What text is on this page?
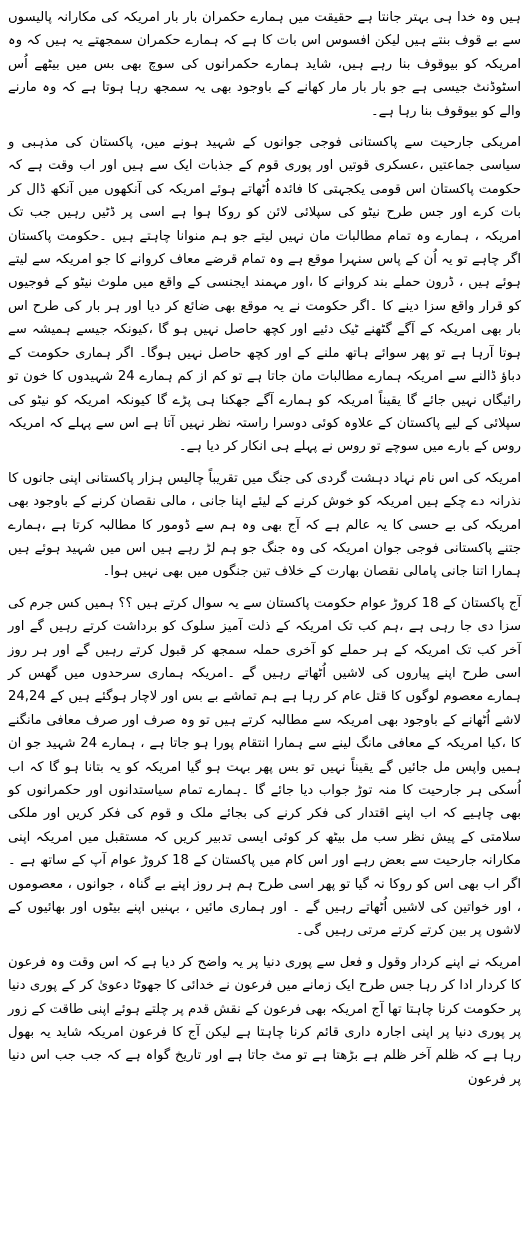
ہیں وہ خدا ہی بہتر جانتا ہے حقیقت میں ہمارے حکمران بار بار امریکہ کی مکارانہ پالیسوں سے بے قوف بنتے ہیں لیکن افسوس اس بات کا ہے کہ ہمارے حکمران سمجھتے یہ ہیں کہ وہ امریکہ کو بیوقوف بنا رہے ہیں، شاید ہمارے حکمرانوں کی سوچ بھی بس میں بیٹھے اُس اسٹوڈنٹ جیسی ہے جو بار بار مار کھانے کے باوجود بھی یہ سمجھ رہا ہوتا ہے کہ وہ مارنے والے کو بیوقوف بنا رہا ہے۔

امریکی جارحیت سے پاکستانی فوجی جوانوں کے شہید ہونے میں، پاکستان کی مذہبی و سیاسی جماعتیں ،عسکری قوتیں اور پوری قوم کے جذبات ایک سے ہیں اور اب وقت ہے کہ حکومت پاکستان اس قومی یکجہتی کا فائدہ اُٹھاتے ہوئے امریکہ کی آنکھوں میں آنکھ ڈال کر بات کرے اور جس طرح نیٹو کی سپلائی لائن کو روکا ہوا ہے اسی پر ڈٹیں رہیں جب تک امریکہ ، ہمارے وہ تمام مطالبات مان نہیں لیتے جو ہم منوانا چاہتے ہیں ۔حکومت پاکستان اگر چاہے تو یہ اُن کے پاس سنہرا موقع ہے وہ تمام قرضے معاف کروانے کا جو امریکہ سے لیتے ہوئے ہیں ، ڈرون حملے بند کروانے کا ،اور مہمند ایجنسی کے واقع میں ملوث نیٹو کے فوجیوں کو قرار واقع سزا دینے کا ۔اگر حکومت نے یہ موقع بھی ضائع کر دیا اور ہر بار کی طرح اس بار بھی امریکہ کے آگے گٹھنے ٹیک دئیے اور کچھ حاصل نہیں ہو گا ،کیونکہ جیسے ہمیشہ سے ہوتا آرہا ہے تو پھر سوائے ہاتھ ملنے کے اور کچھ حاصل نہیں ہوگا۔ اگر ہماری حکومت کے دباؤ ڈالنے سے امریکہ ہمارے مطالبات مان جاتا ہے تو کم از کم ہمارے 24 شہیدوں کا خون تو رائیگاں نہیں جائے گا یقیناً امریکہ کو ہمارے آگے جھکنا ہی پڑے گا کیونکہ امریکہ کو نیٹو کی سپلائی کے لیے پاکستان کے علاوہ کوئی دوسرا راستہ نظر نہیں آتا ہے اس سے پہلے کہ امریکہ روس کے بارے میں سوچے تو روس نے پہلے ہی انکار کر دیا ہے۔

امریکہ کی اس نام نہاد دہشت گردی کی جنگ میں تقریباً چالیس ہزار پاکستانی اپنی جانوں کا نذرانہ دے چکے ہیں امریکہ کو خوش کرنے کے لیئے اپنا جانی ، مالی نقصان کرنے کے باوجود بھی امریکہ کی بے حسی کا یہ عالم ہے کہ آج بھی وہ ہم سے ڈومور کا مطالبہ کرتا ہے ،ہمارے جتنے پاکستانی فوجی جوان امریکہ کی وہ جنگ جو ہم لڑ رہے ہیں اس میں شہید ہوئے ہیں ہمارا اتنا جانی پامالی نقصان بھارت کے خلاف تین جنگوں میں بھی نہیں ہوا۔

آج پاکستان کے 18 کروڑ عوام حکومت پاکستان سے یہ سوال کرتے ہیں ؟؟ ہمیں کس جرم کی سزا دی جا رہی ہے ،ہم کب تک امریکہ کے ذلت آمیز سلوک کو برداشت کرتے رہیں گے اور آخر کب تک امریکہ کے ہر حملے کو آخری حملہ سمجھ کر قبول کرتے رہیں گے اور ہر روز اسی طرح اپنے پیاروں کی لاشیں اُٹھاتے رہیں گے ۔امریکہ ہماری سرحدوں میں گھس کر ہمارے معصوم لوگوں کا قتل عام کر رہا ہے ہم تماشے بے بس اور لاچار ہوگئے ہیں کے 24,24 لاشے اُٹھانے کے باوجود بھی امریکہ سے مطالبہ کرتے ہیں تو وہ صرف اور صرف معافی مانگنے کا ،کیا امریکہ کے معافی مانگ لینے سے ہمارا انتقام پورا ہو جاتا ہے ، ہمارے 24 شہید جو ان ہمیں واپس مل جائیں گے یقیناً نہیں تو بس پھر بہت ہو گیا امریکہ کو یہ بتانا ہو گا کہ اب اُسکی ہر جارحیت کا منہ توڑ جواب دیا جائے گا ۔ہمارے تمام سیاستدانوں اور حکمرانوں کو بھی چاہیے کہ اب اپنے اقتدار کی فکر کرنے کی بجائے ملک و قوم کی فکر کریں اور ملکی سلامتی کے پیش نظر سب مل بیٹھ کر کوئی ایسی تدبیر کریں کہ مستقبل میں امریکہ اپنی مکارانہ جارحیت سے بعض رہے اور اس کام میں پاکستان کے 18 کروڑ عوام آپ کے ساتھ ہے ۔اگر اب بھی اس کو روکا نہ گیا تو پھر اسی طرح ہم ہر روز اپنے بے گناہ ، جوانوں ، معصوموں ، اور خواتین کی لاشیں اُٹھاتے رہیں گے ۔ اور ہماری مائیں ، بہنیں اپنے بیٹوں اور بھائیوں کے لاشوں پر بین کرتے کرتے مرتی رہیں گی۔

امریکہ نے اپنے کردار وقول و فعل سے پوری دنیا پر یہ واضح کر دیا ہے کہ اس وقت وہ فرعون کا کردار ادا کر رہا جس طرح ایک زمانے میں فرعون نے خدائی کا جھوٹا دعویٰ کر کے پوری دنیا پر حکومت کرنا چاہتا تھا آج امریکہ بھی فرعون کے نقش قدم پر چلتے ہوئے اپنی طاقت کے زور پر پوری دنیا پر اپنی اجارہ داری قائم کرنا چاہتا ہے لیکن آج کا فرعون امریکہ شاید یہ بھول رہا ہے کہ ظلم آخر ظلم ہے بڑھتا ہے تو مٹ جاتا ہے اور تاریخ گواہ ہے کہ جب جب اس دنیا پر فرعون
